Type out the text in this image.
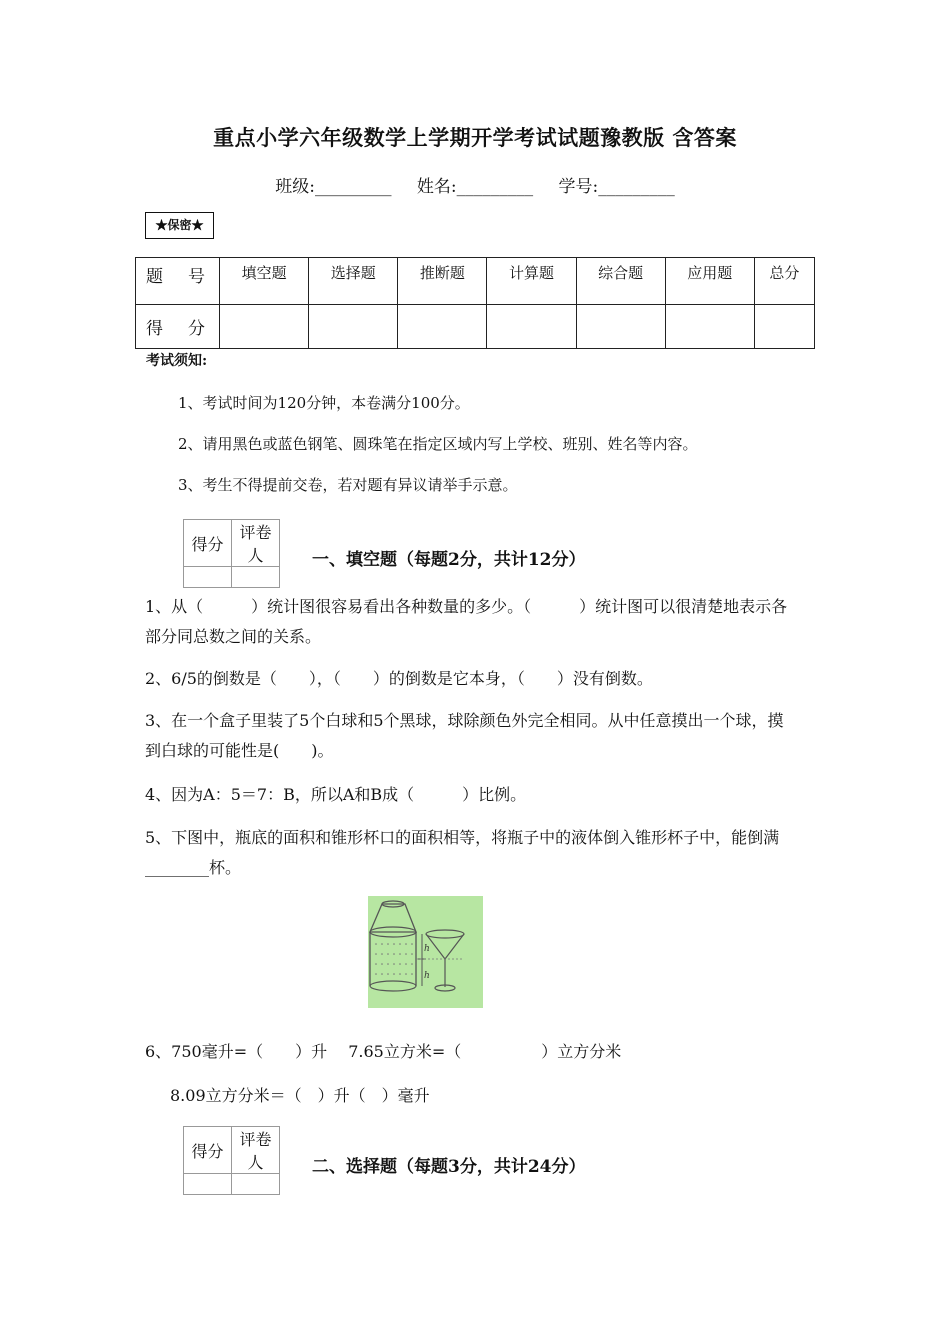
重点小学六年级数学上学期开学考试试题豫教版 含答案
班级:_________ 姓名:_________ 学号:_________
★保密★
题　号	填空题	选择题	推断题	计算题	综合题	应用题	总分
得　分							
考试须知:
1、考试时间为120分钟，本卷满分100分。
2、请用黑色或蓝色钢笔、圆珠笔在指定区域内写上学校、班别、姓名等内容。
3、考生不得提前交卷，若对题有异议请举手示意。
得分	评卷人
		一、填空题（每题2分，共计12分）
1、从（　　　）统计图很容易看出各种数量的多少。（　　　）统计图可以很清楚地表示各
部分同总数之间的关系。
2、6/5的倒数是（　　），（　　）的倒数是它本身，（　　）没有倒数。
3、在一个盒子里装了5个白球和5个黑球，球除颜色外完全相同。从中任意摸出一个球，摸
到白球的可能性是(　　)。
4、因为A：5＝7：B，所以A和B成（　　　）比例。
5、下图中，瓶底的面积和锥形杯口的面积相等，将瓶子中的液体倒入锥形杯子中，能倒满
________杯。
h
h
6、750毫升=（　　）升　 7.65立方米=（　　　　　）立方分米
8.09立方分米＝（　）升（　）毫升
得分	评卷人
		二、选择题（每题3分，共计24分）
